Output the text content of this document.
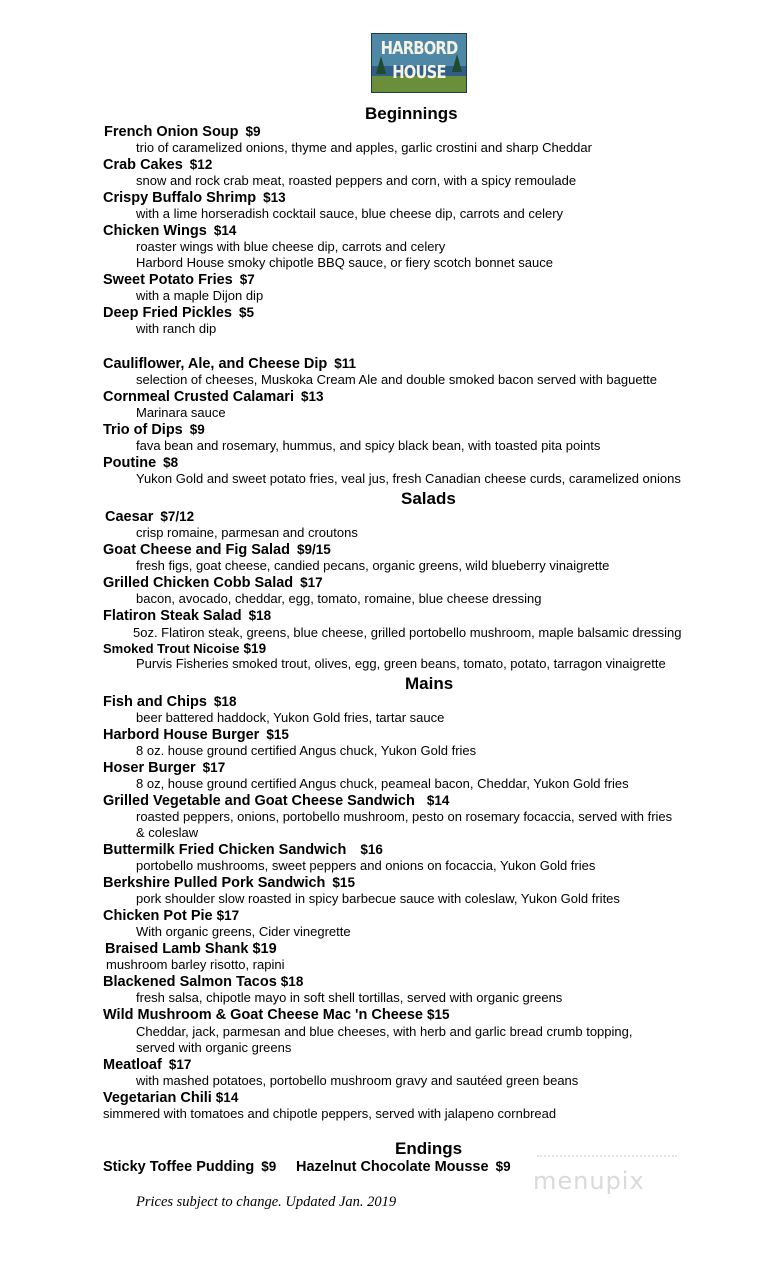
HARBORD
HOUSE
Beginnings
French Onion Soup $9
trio of caramelized onions, thyme and apples, garlic crostini and sharp Cheddar
Crab Cakes $12
snow and rock crab meat, roasted peppers and corn, with a spicy remoulade
Crispy Buffalo Shrimp $13
with a lime horseradish cocktail sauce, blue cheese dip, carrots and celery
Chicken Wings $14
roaster wings with blue cheese dip, carrots and celery
Harbord House smoky chipotle BBQ sauce, or fiery scotch bonnet sauce
Sweet Potato Fries $7
with a maple Dijon dip
Deep Fried Pickles $5
with ranch dip
Cauliflower, Ale, and Cheese Dip $11
selection of cheeses, Muskoka Cream Ale and double smoked bacon served with baguette
Cornmeal Crusted Calamari $13
Marinara sauce
Trio of Dips $9
fava bean and rosemary, hummus, and spicy black bean, with toasted pita points
Poutine $8
Yukon Gold and sweet potato fries, veal jus, fresh Canadian cheese curds, caramelized onions
Salads
Caesar $7/12
crisp romaine, parmesan and croutons
Goat Cheese and Fig Salad $9/15
fresh figs, goat cheese, candied pecans, organic greens, wild blueberry vinaigrette
Grilled Chicken Cobb Salad $17
bacon, avocado, cheddar, egg, tomato, romaine, blue cheese dressing
Flatiron Steak Salad $18
5oz. Flatiron steak, greens, blue cheese, grilled portobello mushroom, maple balsamic dressing
Smoked Trout Nicoise $19
Purvis Fisheries smoked trout, olives, egg, green beans, tomato, potato, tarragon vinaigrette
Mains
Fish and Chips $18
beer battered haddock, Yukon Gold fries, tartar sauce
Harbord House Burger $15
8 oz. house ground certified Angus chuck, Yukon Gold fries
Hoser Burger $17
8 oz, house ground certified Angus chuck, peameal bacon, Cheddar, Yukon Gold fries
Grilled Vegetable and Goat Cheese Sandwich $14
roasted peppers, onions, portobello mushroom, pesto on rosemary focaccia, served with fries
& coleslaw
Buttermilk Fried Chicken Sandwich $16
portobello mushrooms, sweet peppers and onions on focaccia, Yukon Gold fries
Berkshire Pulled Pork Sandwich $15
pork shoulder slow roasted in spicy barbecue sauce with coleslaw, Yukon Gold frites
Chicken Pot Pie $17
With organic greens, Cider vinegrette
Braised Lamb Shank $19
mushroom barley risotto, rapini
Blackened Salmon Tacos $18
fresh salsa, chipotle mayo in soft shell tortillas, served with organic greens
Wild Mushroom & Goat Cheese Mac 'n Cheese $15
Cheddar, jack, parmesan and blue cheeses, with herb and garlic bread crumb topping,
served with organic greens
Meatloaf $17
with mashed potatoes, portobello mushroom gravy and sautéed green beans
Vegetarian Chili $14
simmered with tomatoes and chipotle peppers, served with jalapeno cornbread
Endings
Sticky Toffee Pudding $9 Hazelnut Chocolate Mousse $9
menupix
Prices subject to change. Updated Jan. 2019
